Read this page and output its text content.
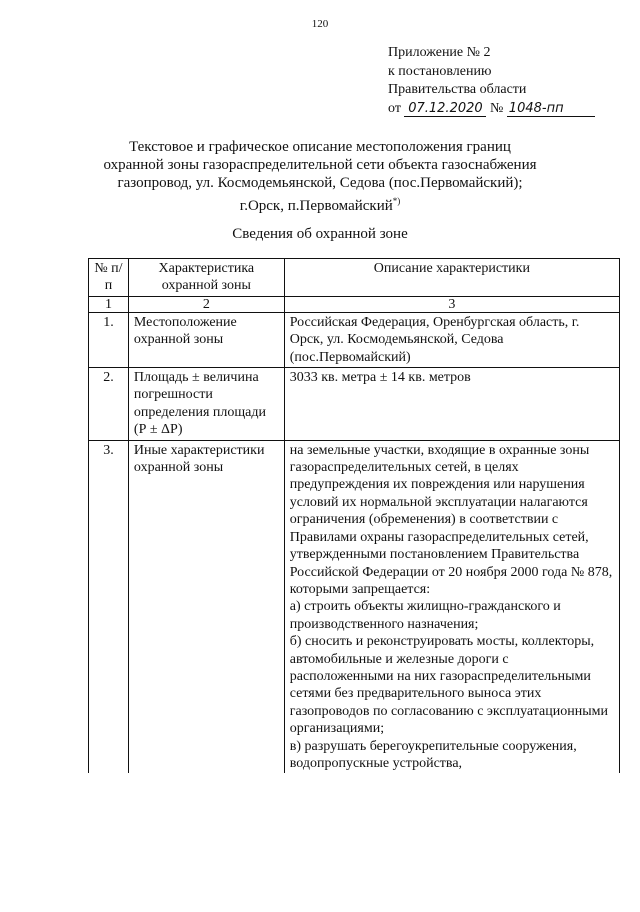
120
Приложение № 2
к постановлению
Правительства области
от 07.12.2020 № 1048-пп
Текстовое и графическое описание местоположения границ
охранной зоны газораспределительной сети объекта газоснабжения
газопровод, ул. Космодемьянской, Седова (пос.Первомайский);
г.Орск, п.Первомайский*)
Сведения об охранной зоне
№ п/п	Характеристика охранной зоны	Описание характеристики
1	2	3
1.	Местоположение охранной зоны	Российская Федерация, Оренбургская область, г. Орск, ул. Космодемьянской, Седова (пос.Первомайский)
2.	Площадь ± величина погрешности определения площади (Р ± ΔР)	3033 кв. метра ± 14 кв. метров
3.	Иные характеристики охранной зоны	на земельные участки, входящие в охранные зоны газораспределительных сетей, в целях предупреждения их повреждения или нарушения условий их нормальной эксплуатации налагаются ограничения (обременения) в соответствии с Правилами охраны газораспределительных сетей, утвержденными постановлением Правительства Российской Федерации от 20 ноября 2000 года № 878, которыми запрещается:
а) строить объекты жилищно-гражданского и производственного назначения;
б) сносить и реконструировать мосты, коллекторы, автомобильные и железные дороги с расположенными на них газораспределительными сетями без предварительного выноса этих газопроводов по согласованию с эксплуатационными организациями;
в) разрушать берегоукрепительные сооружения, водопропускные устройства,
